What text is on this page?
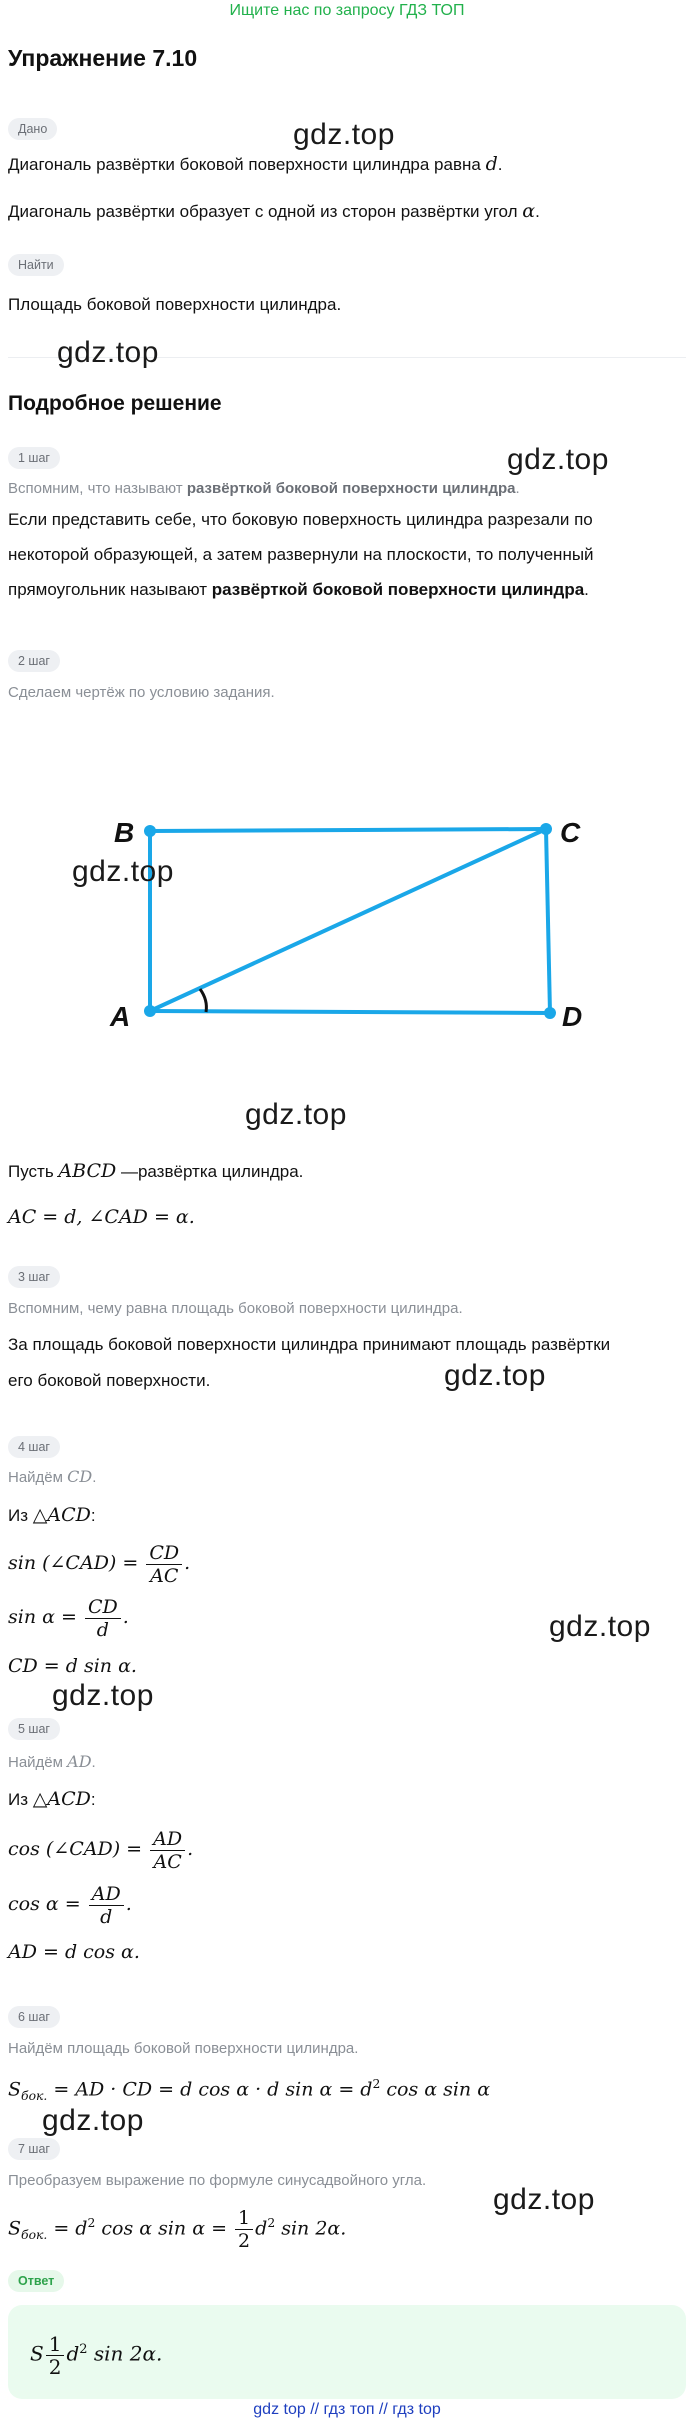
Ищите нас по запросу ГДЗ ТОП
Упражнение 7.10
Дано
Диагональ развёртки боковой поверхности цилиндра равна d.
Диагональ развёртки образует с одной из сторон развёртки угол α.
Найти
Площадь боковой поверхности цилиндра.
Подробное решение
1 шаг
Вспомним, что называют развёрткой боковой поверхности цилиндра.
Если представить себе, что боковую поверхность цилиндра разрезали по
некоторой образующей, а затем развернули на плоскости, то полученный
прямоугольник называют развёрткой боковой поверхности цилиндра.
2 шаг
Сделаем чертёж по условию задания.
B	C
A	D
Пусть ABCD —развёртка цилиндра.
AC = d, ∠CAD = α.
3 шаг
Вспомним, чему равна площадь боковой поверхности цилиндра.
За площадь боковой поверхности цилиндра принимают площадь развёртки
его боковой поверхности.
4 шаг
Найдём CD.
Из △ACD:
sin (∠CAD) = $\frac{CD}{AC}$ .
$\sin \alpha = \frac{CD}{d}$ .
CD = d sin α.
5 шаг
Найдём AD.
Из △ACD:
cos (∠CAD) = $\frac{AD}{AC}$ .
$\cos \alpha = \frac{AD}{d}$ .
AD = d cos α.
6 шаг
Найдём площадь боковой поверхности цилиндра.
$S_{бок.}$ = AD · CD = d cos α · d $\sin \alpha = d^2$ cos α sin α
7 шаг
Преобразуем выражение по формуле синусадвойного угла.
$S_{бок.} = d^2$ cos α $\sin \alpha = \frac{1}{2} d^2$ sin 2α.
Ответ
S $\frac{1}{2} d^2$ sin 2α.
gdz.top
gdz.top
gdz.top
gdz.top
gdz.top
gdz.top
gdz.top
gdz.top
gdz.top
gdz.top
gdz top // гдз топ // гдз top
